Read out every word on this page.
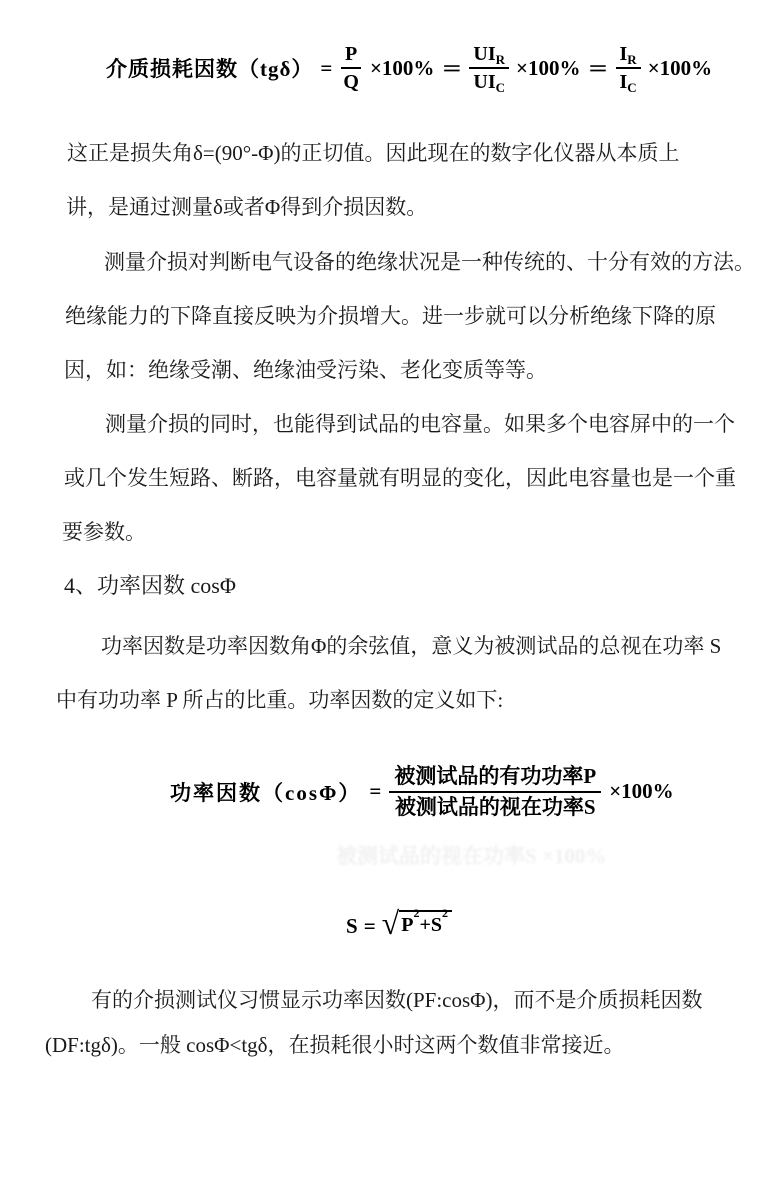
介质损耗因数$(tg\delta) = \frac{P}{Q} \times 100\% = \frac{UI_R}{UI_C} \times 100\% = \frac{I_R}{I_C} \times 100\%$
这正是损失角δ=(90°-Φ)的正切值。因此现在的数字化仪器从本质上
讲，是通过测量δ或者Φ得到介损因数。
测量介损对判断电气设备的绝缘状况是一种传统的、十分有效的方法。
绝缘能力的下降直接反映为介损增大。进一步就可以分析绝缘下降的原
因，如：绝缘受潮、绝缘油受污染、老化变质等等。
测量介损的同时，也能得到试品的电容量。如果多个电容屏中的一个
或几个发生短路、断路，电容量就有明显的变化，因此电容量也是一个重
要参数。
4、功率因数 cosΦ
功率因数是功率因数角Φ的余弦值，意义为被测试品的总视在功率 S
中有功功率 P 所占的比重。功率因数的定义如下:
功率因数$(\cos\Phi) = \frac{\text{被测试品的有功功率P}}{\text{被测试品的视在功率S}} \times 100\%$
被测试品的视在功率S ×100%
S = √ $P^2+S^2$
有的介损测试仪习惯显示功率因数(PF:cosΦ)，而不是介质损耗因数
(DF:tgδ)。一般 cosΦ<tgδ，在损耗很小时这两个数值非常接近。
